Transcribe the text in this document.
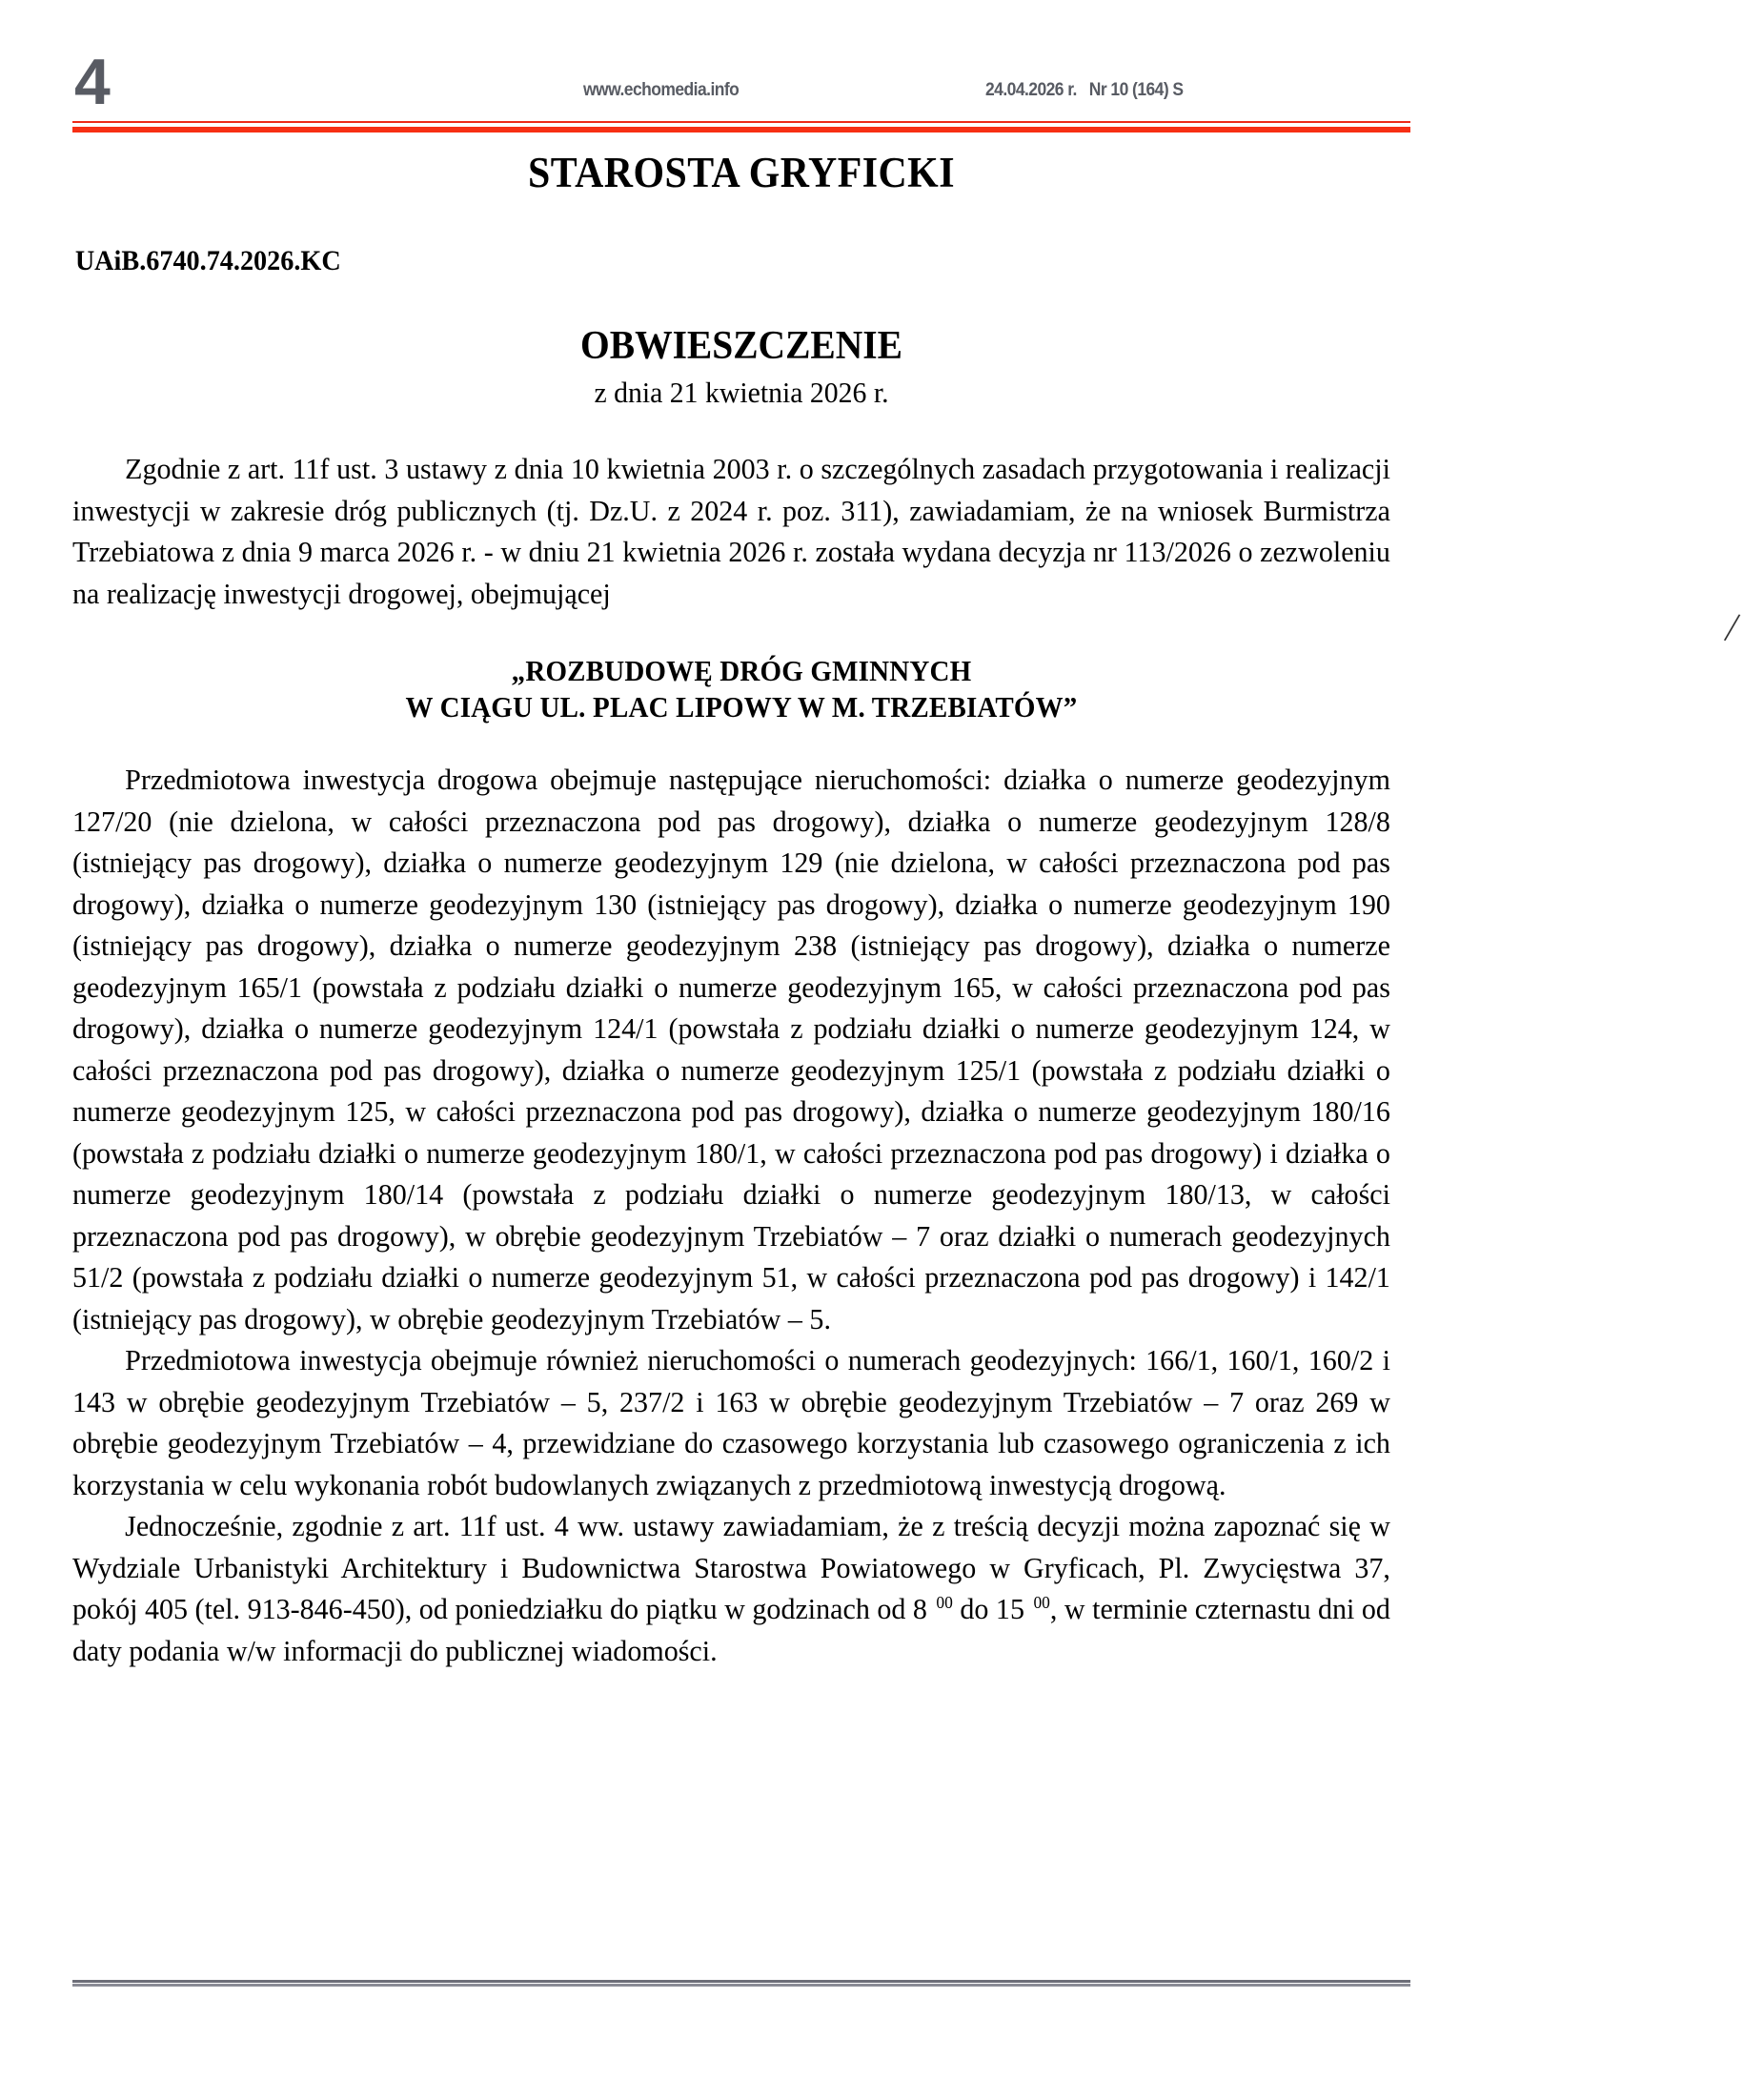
4	www.echomedia.info	24.04.2026 r.   Nr 10 (164) S
STAROSTA GRYFICKI
UAiB.6740.74.2026.KC
OBWIESZCZENIE
z dnia 21 kwietnia 2026 r.

Zgodnie z art. 11f ust. 3 ustawy z dnia 10 kwietnia 2003 r. o szczególnych zasadach przygotowania i realizacji inwestycji w zakresie dróg publicznych (tj. Dz.U. z 2024 r. poz. 311), zawiadamiam, że na wniosek Burmistrza Trzebiatowa z dnia 9 marca 2026 r. - w dniu 21 kwietnia 2026 r. została wydana decyzja nr 113/2026 o zezwoleniu na realizację inwestycji drogowej, obejmującej

„ROZBUDOWĘ DRÓG GMINNYCH
W CIĄGU UL. PLAC LIPOWY W M. TRZEBIATÓW”
/

Przedmiotowa inwestycja drogowa obejmuje następujące nieruchomości: działka o numerze geodezyjnym 127/20 (nie dzielona, w całości przeznaczona pod pas drogowy), działka o numerze geodezyjnym 128/8 (istniejący pas drogowy), działka o numerze geodezyjnym 129 (nie dzielona, w całości przeznaczona pod pas drogowy), działka o numerze geodezyjnym 130 (istniejący pas drogowy), działka o numerze geodezyjnym 190 (istniejący pas drogowy), działka o numerze geodezyjnym 238 (istniejący pas drogowy), działka o numerze geodezyjnym 165/1 (powstała z podziału działki o numerze geodezyjnym 165, w całości przeznaczona pod pas drogowy), działka o numerze geodezyjnym 124/1 (powstała z podziału działki o numerze geodezyjnym 124, w całości przeznaczona pod pas drogowy), działka o numerze geodezyjnym 125/1 (powstała z podziału działki o numerze geodezyjnym 125, w całości przeznaczona pod pas drogowy), działka o numerze geodezyjnym 180/16 (powstała z podziału działki o numerze geodezyjnym 180/1, w całości przeznaczona pod pas drogowy) i działka o numerze geodezyjnym 180/14 (powstała z podziału działki o numerze geodezyjnym 180/13, w całości przeznaczona pod pas drogowy), w obrębie geodezyjnym Trzebiatów – 7 oraz działki o numerach geodezyjnych 51/2 (powstała z podziału działki o numerze geodezyjnym 51, w całości przeznaczona pod pas drogowy) i 142/1 (istniejący pas drogowy), w obrębie geodezyjnym Trzebiatów – 5.

Przedmiotowa inwestycja obejmuje również nieruchomości o numerach geodezyjnych: 166/1, 160/1, 160/2 i 143 w obrębie geodezyjnym Trzebiatów – 5, 237/2 i 163 w obrębie geodezyjnym Trzebiatów – 7 oraz 269 w obrębie geodezyjnym Trzebiatów – 4, przewidziane do czasowego korzystania lub czasowego ograniczenia z ich korzystania w celu wykonania robót budowlanych związanych z przedmiotową inwestycją drogową.

Jednocześnie, zgodnie z art. 11f ust. 4 ww. ustawy zawiadamiam, że z treścią decyzji można zapoznać się w Wydziale Urbanistyki Architektury i Budownictwa Starostwa Powiatowego w Gryficach, Pl. Zwycięstwa 37, pokój 405 (tel. 913-846-450), od poniedziałku do piątku w godzinach od 8 $^{00}$ do 15 $^{00}$, w terminie czternastu dni od daty podania w/w informacji do publicznej wiadomości.
